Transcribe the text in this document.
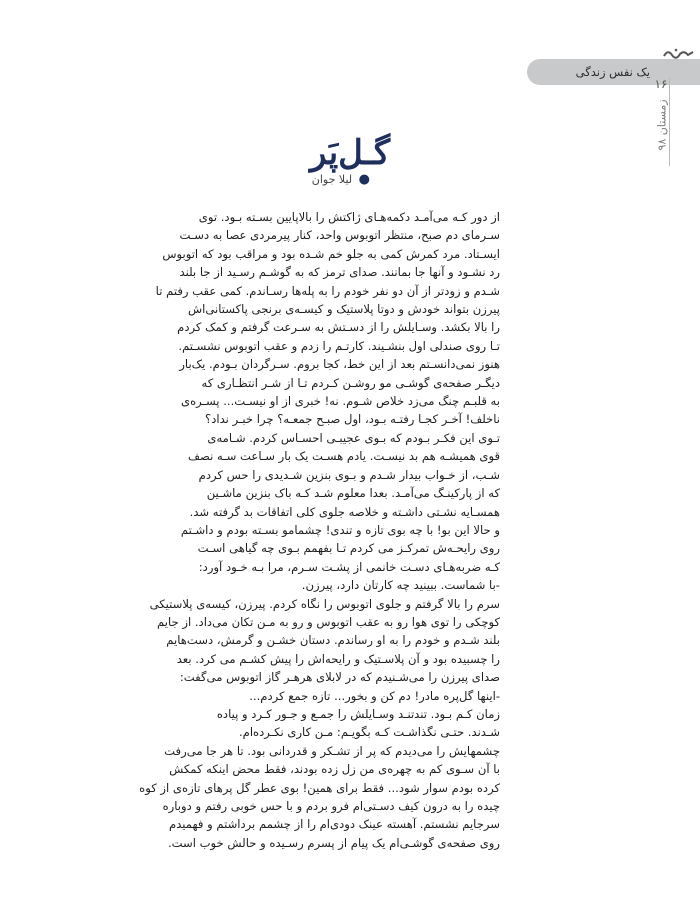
یک نفس زندگی
۱۶
زمستان ۹۸
گـل‌پَر
● لیلا جوان
از دور کـه می‌آمـد دکمه‌هـای ژاکتش را بالاپایین بسـته بـود. توی
سـرمای دم صبح، منتظر اتوبوس واحد، کنار پیرمردی عصا به دسـت
ایسـتاد. مرد کمرش کمی به جلو خم شـده بود و مراقب بود که اتوبوس
رد نشـود و آنها جا بمانند. صدای ترمز که به گوشـم رسـید از جا بلند
شـدم و زودتر از آن دو نفر خودم را به پله‌ها رسـاندم. کمی عقب رفتم تا
پیرزن بتواند خودش و دوتا پلاستیک و کیسـه‌ی برنجی پاکستانی‌اش
را بالا بکشد. وسـایلش را از دسـتش به سـرعت گرفتم و کمک کردم
تـا روی صندلی اول بنشـیند. کارتـم را زدم و عقب اتوبوس نشسـتم.
هنوز نمی‌دانسـتم بعد از این خط، کجا بروم. سـرگردان بـودم. یک‌بار
دیگـر صفحه‌ی گوشـی مو روشـن کـردم تـا از شـر انتظـاری که
به قلبـم چنگ می‌زد خلاص شـوم. نه! خبری از او نیسـت... پسـره‌ی
ناخلف! آخـر کجـا رفتـه بـود، اول صبـح جمعـه؟ چرا خبـر نداد؟
تـوی این فکـر بـودم که بـوی عجیبـی احسـاس کردم. شـامه‌ی
قوی همیشـه هم بد نیسـت. یادم هسـت یک بار سـاعت سـه نصف
شـب، از خـواب بیدار شـدم و بـوی بنزین شـدیدی را حس کردم
که از پارکینـگ می‌آمـد. بعدا معلوم شـد کـه باک بنزین ماشـین
همسـایه نشـتی داشـته و خلاصه جلوی کلی اتفاقات بد گرفته شد.
و حالا این بو! با چه بوی تازه و تندی! چشمامو بسـته بودم و داشـتم
روی رایحـه‌ش تمرکـز می کردم تـا بفهمم بـوی چه گیاهی اسـت
کـه ضربه‌هـای دسـت خانمی از پشـت سـرم، مرا بـه خـود آورد:
-با شماست. ببینید چه کارتان دارد، پیرزن.
سرم را بالا گرفتم و جلوی اتوبوس را نگاه کردم. پیرزن، کیسه‌ی پلاستیکی
کوچکی را توی هوا رو به عقب اتوبوس و رو به مـن تکان می‌داد. از جایم
بلند شـدم و خودم را به او رساندم. دستان خشـن و گرمش، دست‌هایم
را چسبیده بود و آن پلاسـتیک و رایحه‌اش را پیش کشـم می کرد. بعد
صدای پیرزن را می‌شـنیدم که در لابلای هرهـر گاز اتوبوس می‌گفت:
-اینها گل‌پره مادر! دم کن و بخور... تازه جمع کردم...
زمان کـم بـود. تندتنـد وسـایلش را جمـع و جـور کـرد و پیاده
شـدند. حتـی نگذاشـت کـه بگویـم: مـن کاری نکـرده‌ام.
چشمهایش را می‌دیدم که پر از تشـکر و قدردانی بود. تا هر جا می‌رفت
با آن سـوی کم به چهره‌ی من زل زده بودند، فقط محض اینکه کمکش
کرده بودم سوار شود... فقط برای همین! بوی عطر گل پرهای تازه‌ی از کوه
چیده را به درون کیف دسـتی‌ام فرو بردم و با حس خوبی رفتم و دوباره
سرجایم نشستم. آهسته عینک دودی‌ام را از چشمم برداشتم و فهمیدم
روی صفحه‌ی گوشـی‌ام یک پیام از پسرم رسـیده و حالش خوب است.
